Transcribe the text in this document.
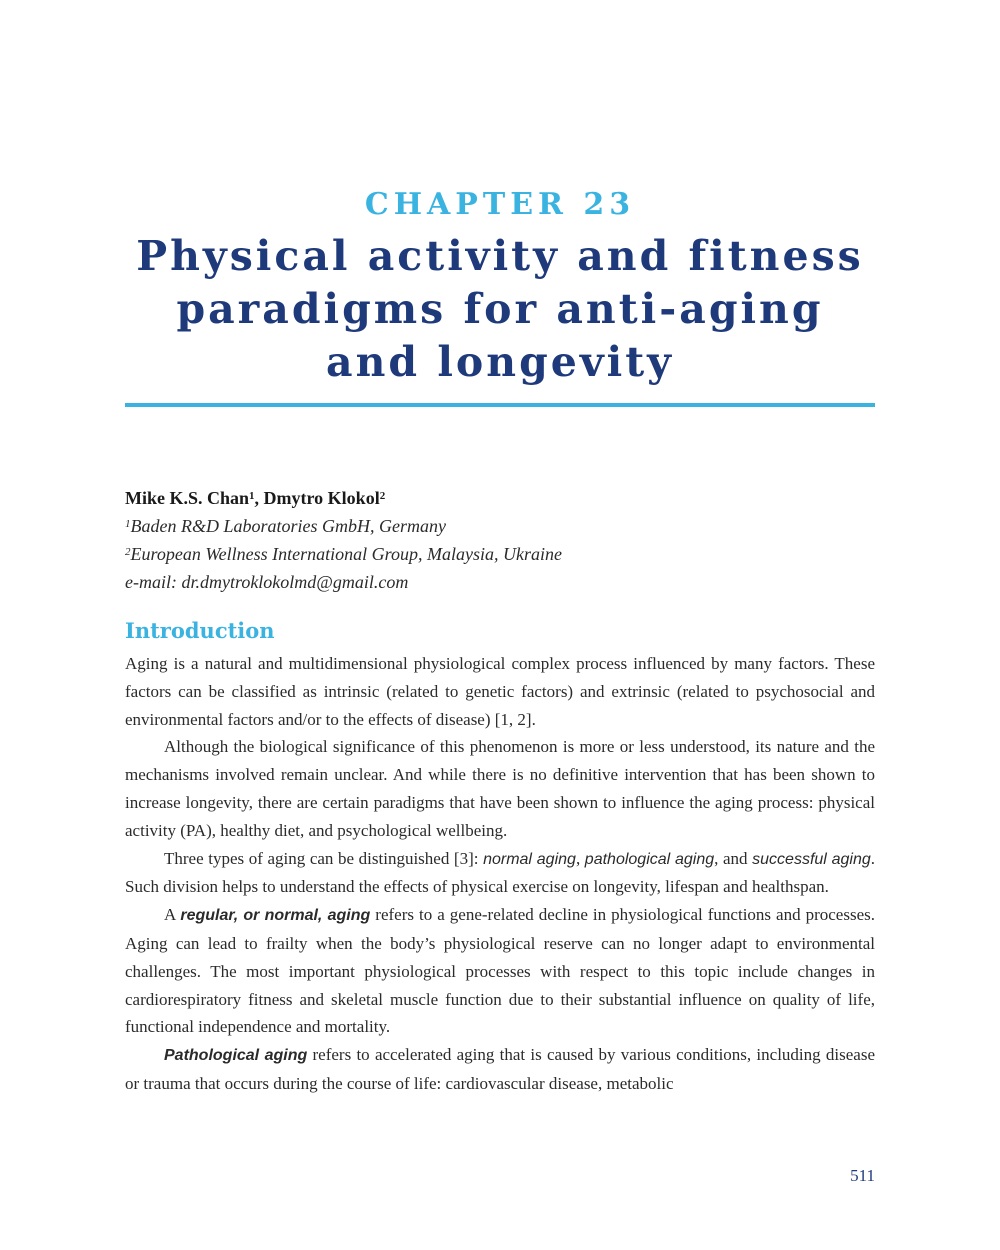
CHAPTER 23
Physical activity and fitness
paradigms for anti-aging
and longevity
Mike K.S. Chan$^1$, Dmytro Klokol$^2$
$^1$Baden R&D Laboratories GmbH, Germany
$^2$European Wellness International Group, Malaysia, Ukraine
e-mail: dr.dmytroklokolmd@gmail.com
Introduction

Aging is a natural and multidimensional physiological complex process influenced by many factors. These factors can be classified as intrinsic (related to genetic factors) and extrinsic (related to psychosocial and environmental factors and/or to the effects of disease) [1, 2].

Although the biological significance of this phenomenon is more or less understood, its nature and the mechanisms involved remain unclear. And while there is no definitive intervention that has been shown to increase longevity, there are certain paradigms that have been shown to influence the aging process: physical activity (PA), healthy diet, and psychological wellbeing.

Three types of aging can be distinguished [3]: normal aging, pathological aging, and successful aging. Such division helps to understand the effects of physical exercise on longevity, lifespan and healthspan.

A regular, or normal, aging refers to a gene-related decline in physiological functions and processes. Aging can lead to frailty when the body’s physiological reserve can no longer adapt to environmental challenges. The most important physiological processes with respect to this topic include changes in cardiorespiratory fitness and skeletal muscle function due to their substantial influence on quality of life, functional independence and mortality.

Pathological aging refers to accelerated aging that is caused by various conditions, including disease or trauma that occurs during the course of life: cardiovascular disease, metabolic

511
